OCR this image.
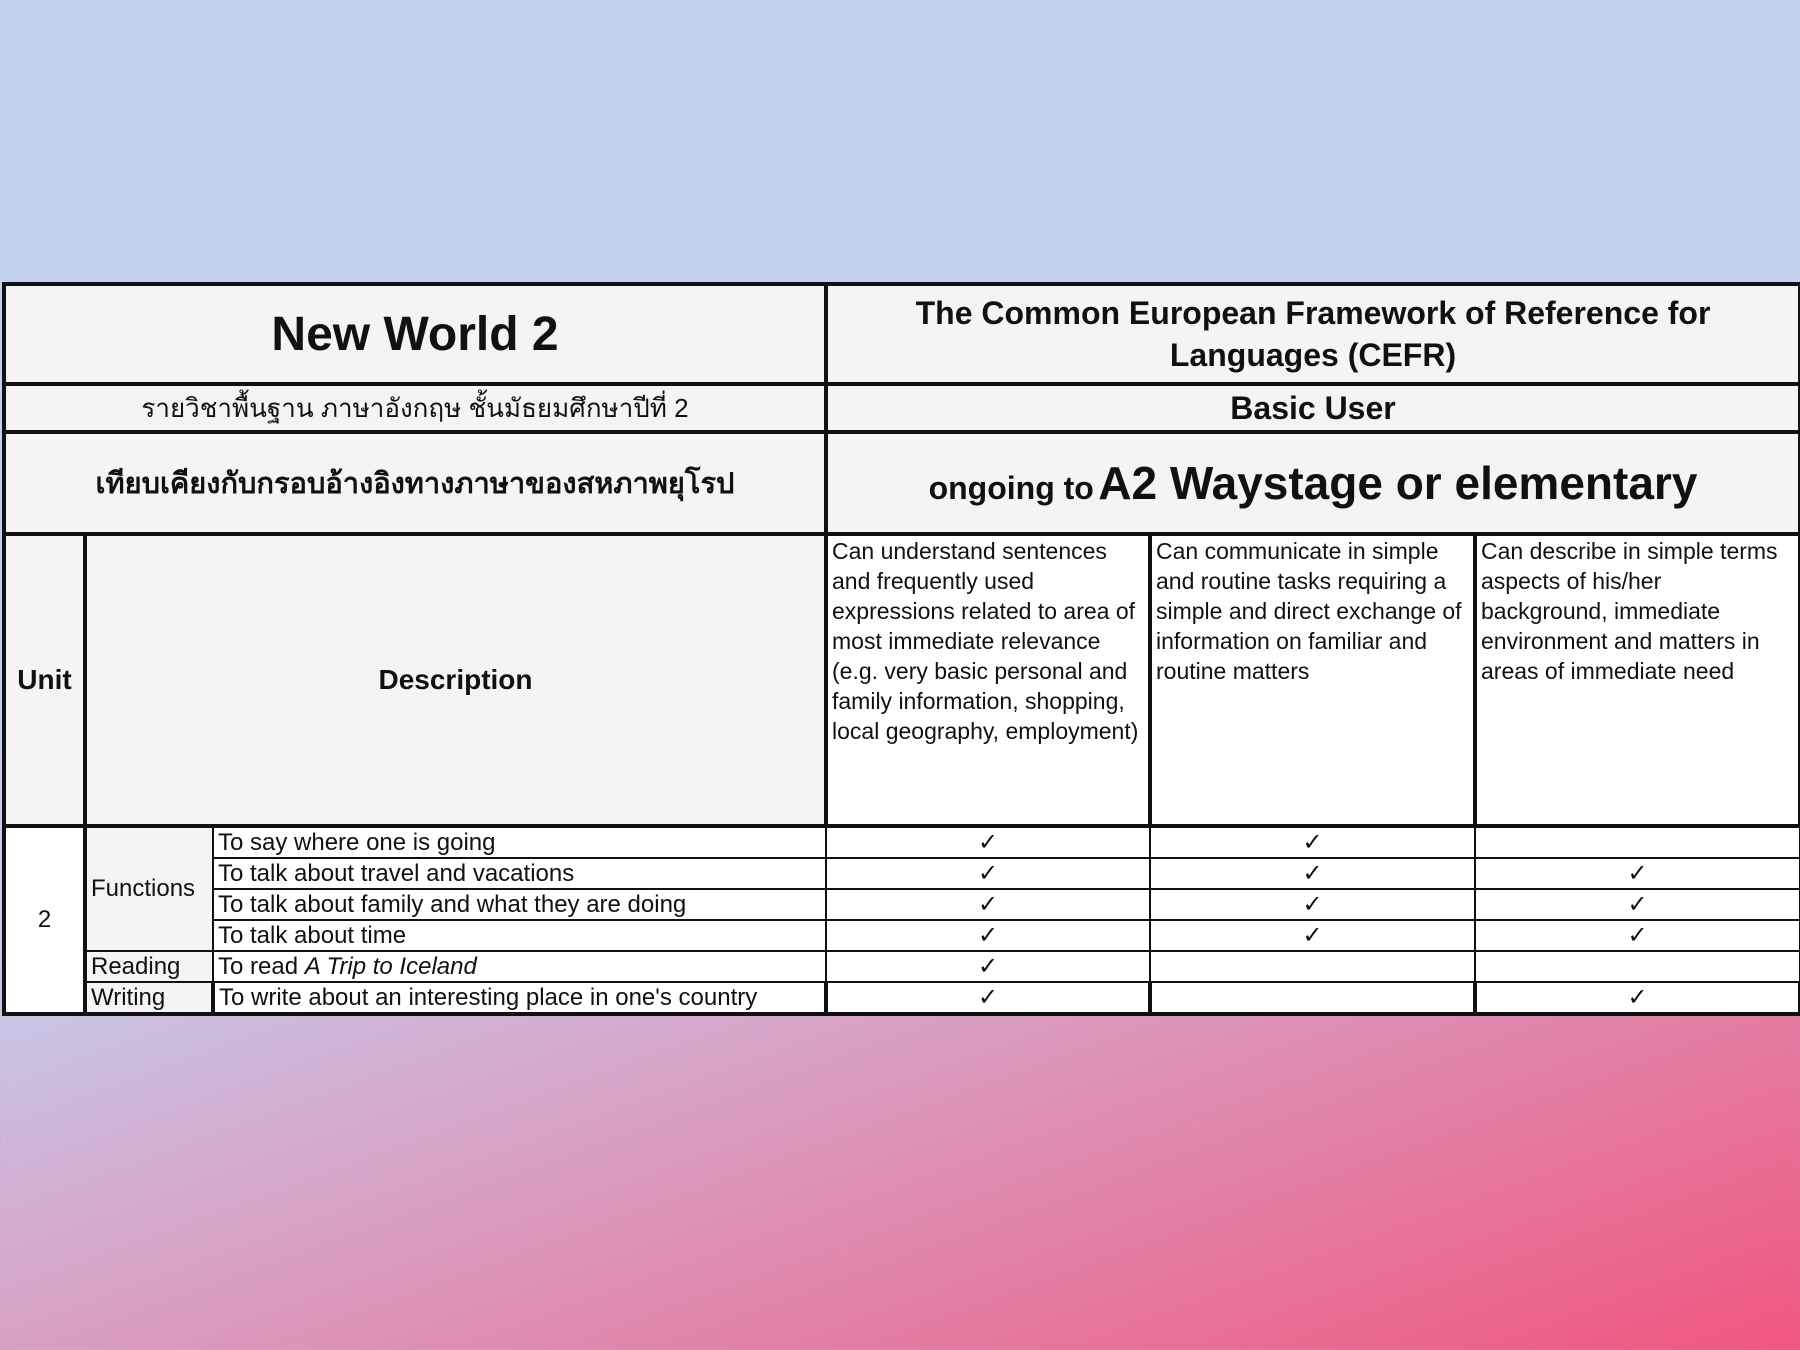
New World 2			The Common European Framework of Reference for Languages (CEFR)		
รายวิชาพื้นฐาน ภาษาอังกฤษ ชั้นมัธยมศึกษาปีที่ 2			Basic User		
เทียบเคียงกับกรอบอ้างอิงทางภาษาของสหภาพยุโรป			ongoing to A2 Waystage or elementary		
Unit	Description		Can understand sentences and frequently used expressions related to area of most immediate relevance (e.g. very basic personal and family information, shopping, local geography, employment)	Can communicate in simple and routine tasks requiring a simple and direct exchange of information on familiar and routine matters	Can describe in simple terms aspects of his/her background, immediate environment and matters in areas of immediate need
2	Functions	To say where one is going	✓	✓	
		To talk about travel and vacations	✓	✓	✓
		To talk about family and what they are doing	✓	✓	✓
		To talk about time	✓	✓	✓
	Reading	To read A Trip to Iceland	✓		
	Writing	To write about an interesting place in one's country	✓		✓
